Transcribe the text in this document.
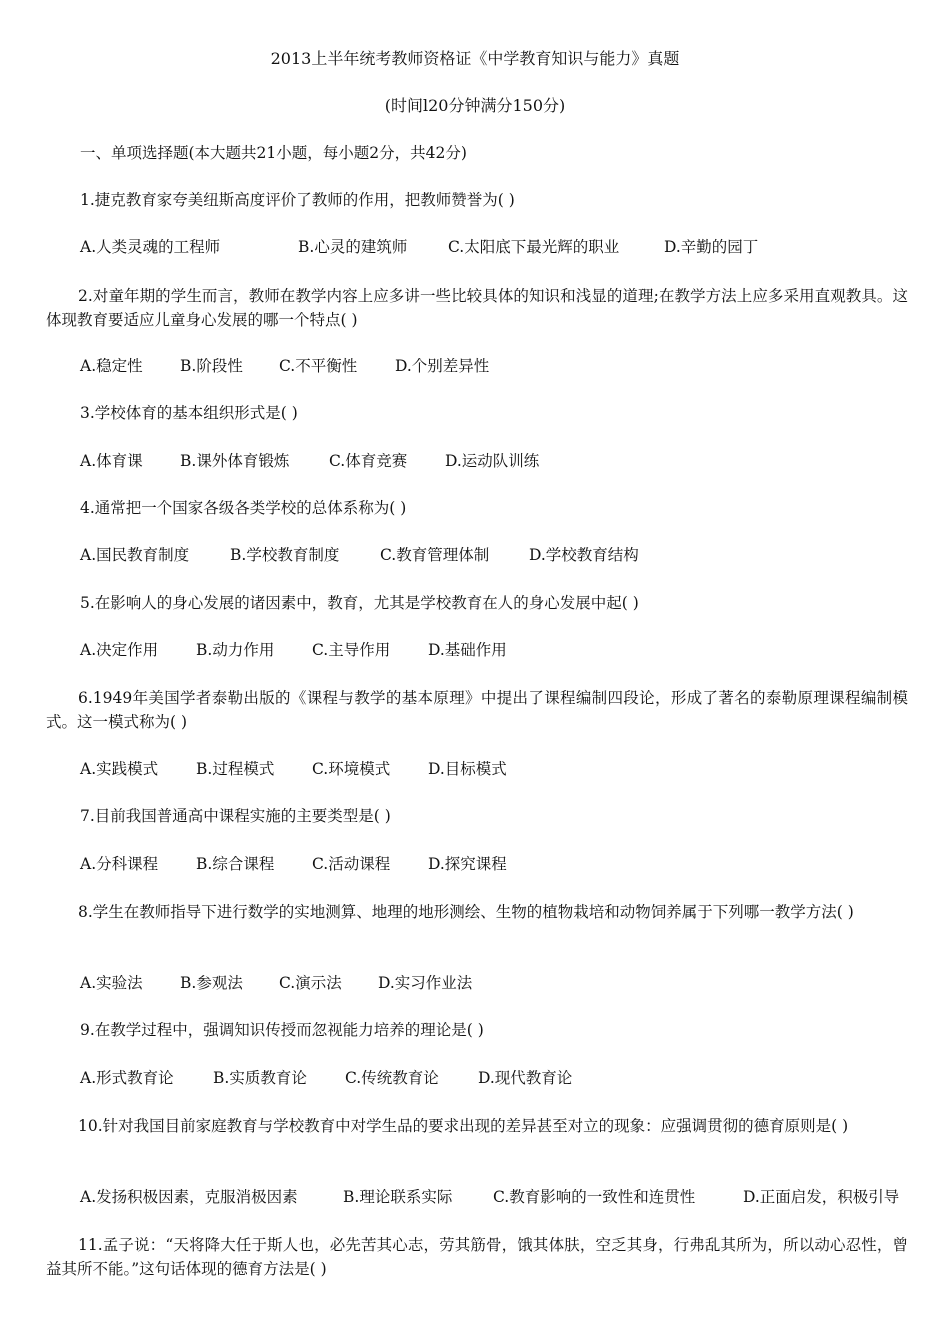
2013上半年统考教师资格证《中学教育知识与能力》真题

(时间l20分钟满分150分)

一、单项选择题(本大题共21小题，每小题2分，共42分)

1.捷克教育家夸美纽斯高度评价了教师的作用，把教师赞誉为( )

A.人类灵魂的工程师	B.心灵的建筑师	C.太阳底下最光辉的职业	D.辛勤的园丁

2.对童年期的学生而言，教师在教学内容上应多讲一些比较具体的知识和浅显的道理;在教学方法上应多采用直观教具。这体现教育要适应儿童身心发展的哪一个特点( )

A.稳定性 B.阶段性 C.不平衡性 D.个别差异性

3.学校体育的基本组织形式是( )

A.体育课 B.课外体育锻炼	C.体育竞赛 D.运动队训练

4.通常把一个国家各级各类学校的总体系称为( )

A.国民教育制度	B.学校教育制度	C.教育管理体制	D.学校教育结构

5.在影响人的身心发展的诸因素中，教育，尤其是学校教育在人的身心发展中起( )

A.决定作用 B.动力作用 C.主导作用 D.基础作用

6.1949年美国学者泰勒出版的《课程与教学的基本原理》中提出了课程编制四段论，形成了著名的泰勒原理课程编制模式。这一模式称为( )

A.实践模式 B.过程模式 C.环境模式 D.目标模式

7.目前我国普通高中课程实施的主要类型是( )

A.分科课程 B.综合课程 C.活动课程 D.探究课程

8.学生在教师指导下进行数学的实地测算、地理的地形测绘、生物的植物栽培和动物饲养属于下列哪一教学方法( )

A.实验法 B.参观法 C.演示法 D.实习作业法

9.在教学过程中，强调知识传授而忽视能力培养的理论是( )

A.形式教育论	B.实质教育论 C.传统教育论	D.现代教育论

10.针对我国目前家庭教育与学校教育中对学生品的要求出现的差异甚至对立的现象：应强调贯彻的德育原则是( )

A.发扬积极因素，克服消极因素	B.理论联系实际	C.教育影响的一致性和连贯性	D.正面启发，积极引导

11.孟子说：“天将降大任于斯人也，必先苦其心志，劳其筋骨，饿其体肤，空乏其身，行弗乱其所为，所以动心忍性，曾益其所不能。”这句话体现的德育方法是( )
